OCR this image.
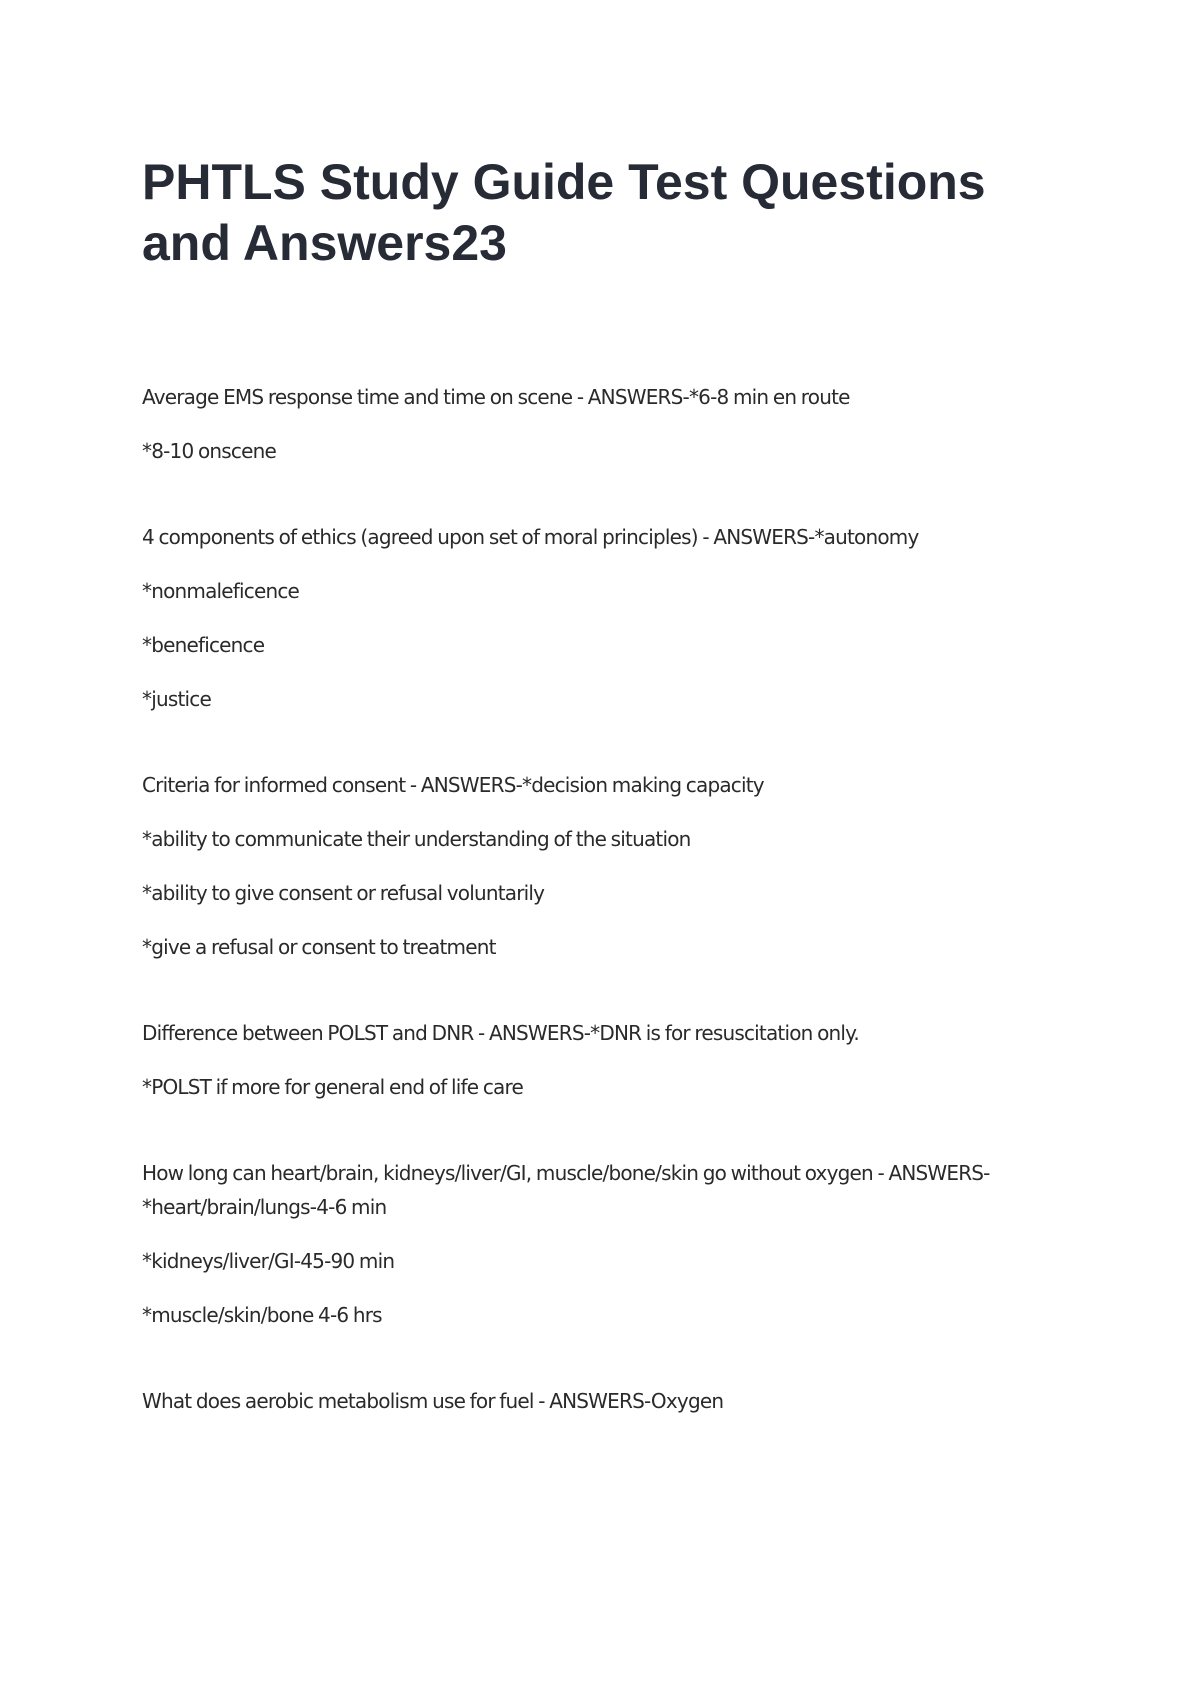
PHTLS Study Guide Test Questions and Answers23

Average EMS response time and time on scene - ANSWERS-*6-8 min en route

*8-10 onscene

4 components of ethics (agreed upon set of moral principles) - ANSWERS-*autonomy

*nonmaleficence

*beneficence

*justice

Criteria for informed consent - ANSWERS-*decision making capacity

*ability to communicate their understanding of the situation

*ability to give consent or refusal voluntarily

*give a refusal or consent to treatment

Difference between POLST and DNR - ANSWERS-*DNR is for resuscitation only.

*POLST if more for general end of life care

How long can heart/brain, kidneys/liver/GI, muscle/bone/skin go without oxygen - ANSWERS-*heart/brain/lungs-4-6 min

*kidneys/liver/GI-45-90 min

*muscle/skin/bone 4-6 hrs

What does aerobic metabolism use for fuel - ANSWERS-Oxygen
